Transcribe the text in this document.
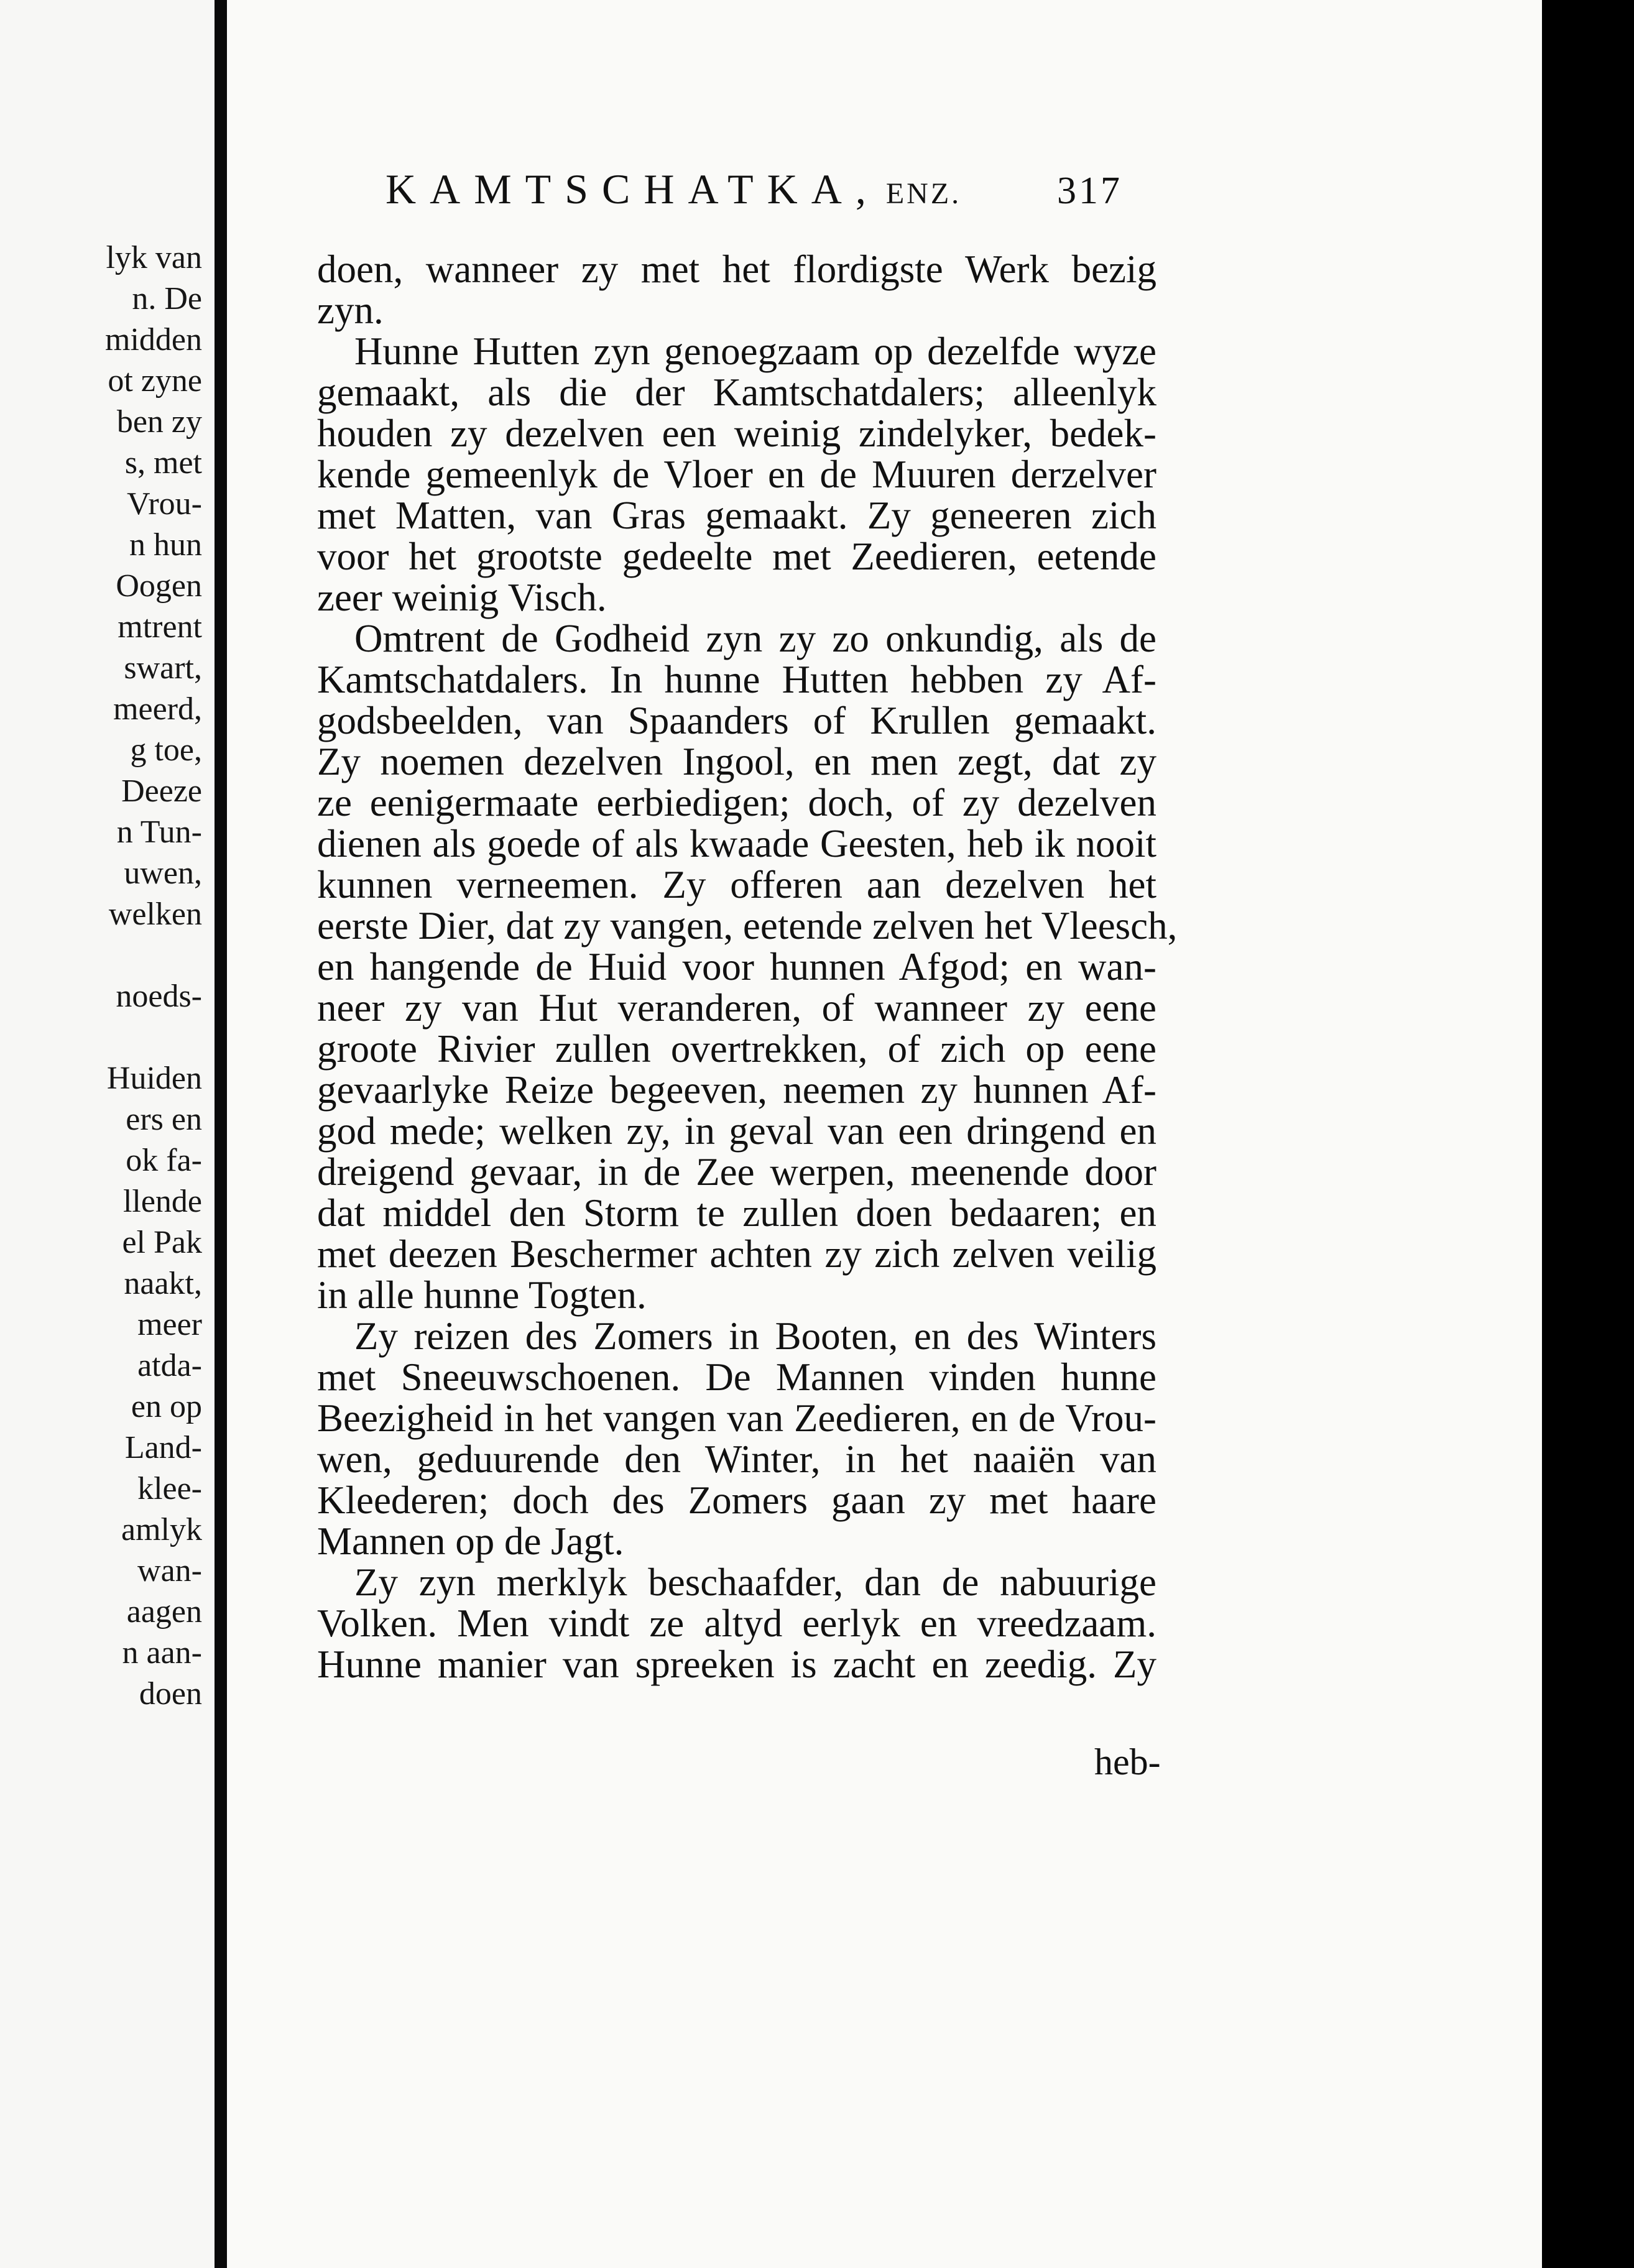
lyk van
n. De
midden
ot zyne
ben zy
s, met
Vrou-
n hun
Oogen
mtrent
swart,
meerd,
g toe,
Deeze
n Tun-
uwen,
welken
noeds-
Huiden
ers en
ok fa-
llende
el Pak
naakt,
meer
atda-
en op
Land-
klee-
amlyk
wan-
aagen
n aan-
doen
KAMTSCHATKA, ENZ.	317
doen, wanneer zy met het flordigste Werk bezig
zyn.
Hunne Hutten zyn genoegzaam op dezelfde wyze
gemaakt, als die der Kamtschatdalers; alleenlyk
houden zy dezelven een weinig zindelyker, bedek-
kende gemeenlyk de Vloer en de Muuren derzelver
met Matten, van Gras gemaakt. Zy geneeren zich
voor het grootste gedeelte met Zeedieren, eetende
zeer weinig Visch.
Omtrent de Godheid zyn zy zo onkundig, als de
Kamtschatdalers. In hunne Hutten hebben zy Af-
godsbeelden, van Spaanders of Krullen gemaakt.
Zy noemen dezelven Ingool, en men zegt, dat zy
ze eenigermaate eerbiedigen; doch, of zy dezelven
dienen als goede of als kwaade Geesten, heb ik nooit
kunnen verneemen. Zy offeren aan dezelven het
eerste Dier, dat zy vangen, eetende zelven het Vleesch,
en hangende de Huid voor hunnen Afgod; en wan-
neer zy van Hut veranderen, of wanneer zy eene
groote Rivier zullen overtrekken, of zich op eene
gevaarlyke Reize begeeven, neemen zy hunnen Af-
god mede; welken zy, in geval van een dringend en
dreigend gevaar, in de Zee werpen, meenende door
dat middel den Storm te zullen doen bedaaren; en
met deezen Beschermer achten zy zich zelven veilig
in alle hunne Togten.
Zy reizen des Zomers in Booten, en des Winters
met Sneeuwschoenen. De Mannen vinden hunne
Beezigheid in het vangen van Zeedieren, en de Vrou-
wen, geduurende den Winter, in het naaiën van
Kleederen; doch des Zomers gaan zy met haare
Mannen op de Jagt.
Zy zyn merklyk beschaafder, dan de nabuurige
Volken. Men vindt ze altyd eerlyk en vreedzaam.
Hunne manier van spreeken is zacht en zeedig. Zy
heb-
